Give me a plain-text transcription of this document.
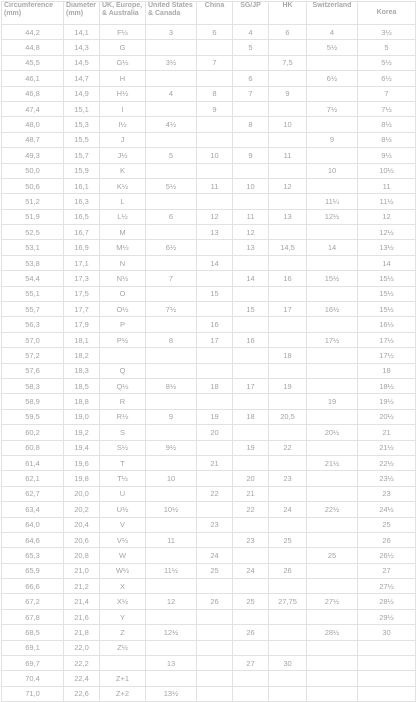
Circumference (mm)	Diameter (mm)	UK, Europe, & Australia	United States & Canada	China	SG/JP	HK	Switzerland	Korea
44,2	14,1	F½	3	6	4	6	4	3½
44,8	14,3	G			5		5½	5
45,5	14,5	G½	3½	7		7,5		5½
46,1	14,7	H			6		6½	6½
46,8	14,9	H½	4	8	7	9		7
47,4	15,1	I		9			7½	7½
48,0	15,3	I½	4½		8	10		8½
48,7	15,5	J					9	8½
49,3	15,7	J½	5	10	9	11		9½
50,0	15,9	K					10	10½
50,6	16,1	K½	5½	11	10	12		11
51,2	16,3	L					11¼	11½
51,9	16,5	L½	6	12	11	13	12½	12
52,5	16,7	M		13	12			12½
53,1	16,9	M½	6½		13	14,5	14	13½
53,8	17,1	N		14				14
54,4	17,3	N½	7		14	16	15½	15½
55,1	17,5	O		15				15½
55,7	17,7	O½	7½		15	17	16½	15½
56,3	17,9	P		16				16½
57,0	18,1	P½	8	17	16		17½	17½
57,2	18,2					18		17½
57,6	18,3	Q						18
58,3	18,5	Q½	8½	18	17	19		18½
58,9	18,8	R					19	19½
59,5	19,0	R½	9	19	18	20,5		20½
60,2	19,2	S		20			20½	21
60,8	19,4	S½	9½		19	22		21½
61,4	19,6	T		21			21½	22½
62,1	19,8	T½	10		20	23		23½
62,7	20,0	U		22	21			23
63,4	20,2	U½	10½		22	24	22½	24½
64,0	20,4	V		23				25
64,6	20,6	V½	11		23	25		26
65,3	20,8	W		24			25	26½
65,9	21,0	W½	11½	25	24	26		27
66,6	21,2	X						27½
67,2	21,4	X½	12	26	25	27,75	27½	28½
67,8	21,6	Y						29½
68,5	21,8	Z	12½		26		28½	30
69,1	22,0	Z½						
69,7	22,2		13		27	30		
70,4	22,4	Z+1						
71,0	22,6	Z+2	13½					
